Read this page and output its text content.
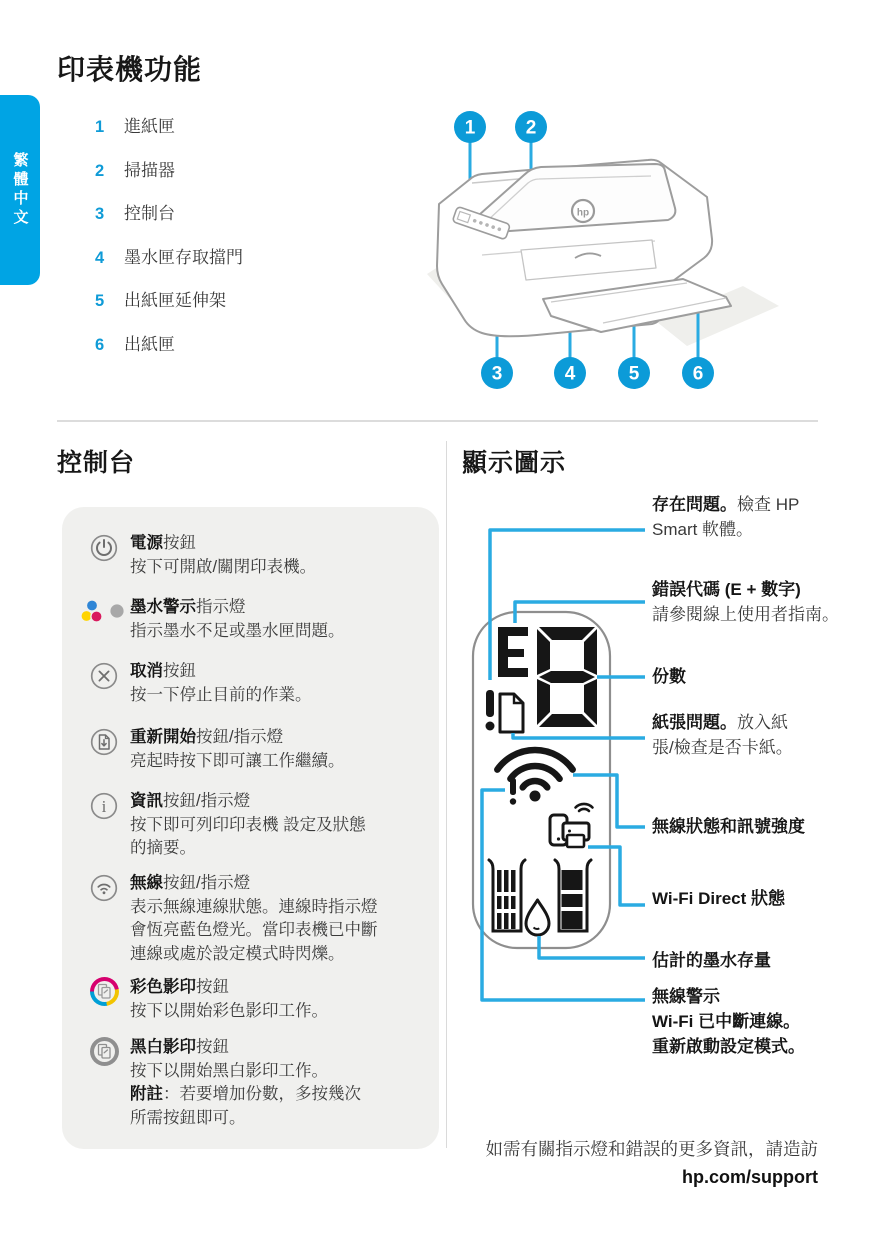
印表機功能
繁體中文
1	進紙匣
2	掃描器
3	控制台
4	墨水匣存取擋門
5	出紙匣延伸架
6	出紙匣
hp
1	2
3	4	5	6
控制台
電源按鈕
按下可開啟/關閉印表機。
墨水警示指示燈
指示墨水不足或墨水匣問題。
取消按鈕
按一下停止目前的作業。
重新開始按鈕/指示燈
亮起時按下即可讓工作繼續。
i 資訊按鈕/指示燈
按下即可列印印表機 設定及狀態
的摘要。
無線按鈕/指示燈
表示無線連線狀態。連線時指示燈
會恆亮藍色燈光。當印表機已中斷
連線或處於設定模式時閃爍。
彩色影印按鈕
按下以開始彩色影印工作。
黑白影印按鈕
按下以開始黑白影印工作。
附註：若要增加份數，多按幾次
所需按鈕即可。
顯示圖示
存在問題。檢查 HP
Smart 軟體。
錯誤代碼 (E + 數字)
請參閱線上使用者指南。
份數
紙張問題。放入紙
張/檢查是否卡紙。
無線狀態和訊號強度
Wi-Fi Direct 狀態
估計的墨水存量
無線警示
Wi-Fi 已中斷連線。
重新啟動設定模式。
如需有關指示燈和錯誤的更多資訊，請造訪
hp.com/support
